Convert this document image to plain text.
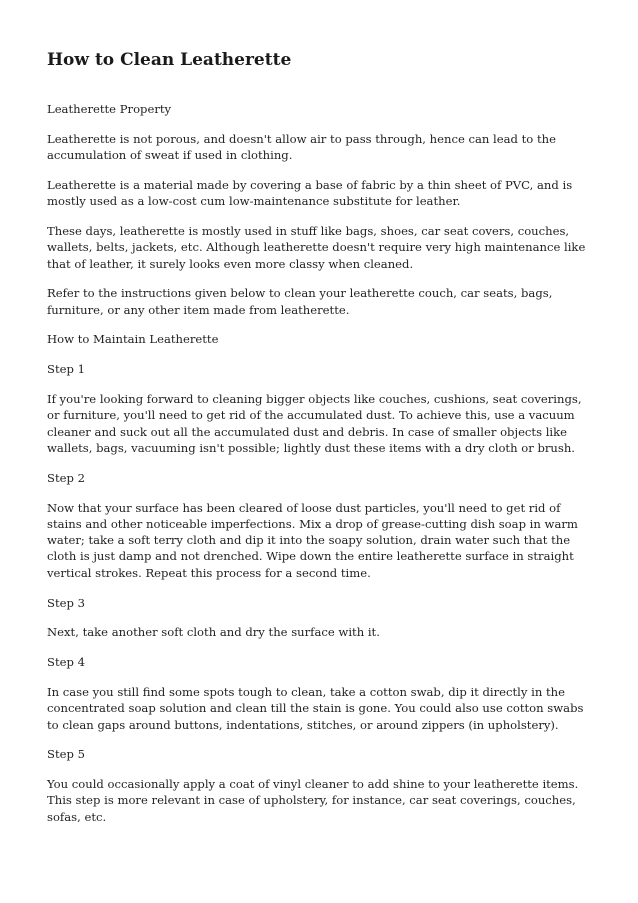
How to Clean Leatherette

Leatherette Property

Leatherette is not porous, and doesn't allow air to pass through, hence can lead to the accumulation of sweat if used in clothing.

Leatherette is a material made by covering a base of fabric by a thin sheet of PVC, and is mostly used as a low-cost cum low-maintenance substitute for leather.

These days, leatherette is mostly used in stuff like bags, shoes, car seat covers, couches, wallets, belts, jackets, etc. Although leatherette doesn't require very high maintenance like that of leather, it surely looks even more classy when cleaned.

Refer to the instructions given below to clean your leatherette couch, car seats, bags, furniture, or any other item made from leatherette.

How to Maintain Leatherette

Step 1

If you're looking forward to cleaning bigger objects like couches, cushions, seat coverings, or furniture, you'll need to get rid of the accumulated dust. To achieve this, use a vacuum cleaner and suck out all the accumulated dust and debris. In case of smaller objects like wallets, bags, vacuuming isn't possible; lightly dust these items with a dry cloth or brush.

Step 2

Now that your surface has been cleared of loose dust particles, you'll need to get rid of stains and other noticeable imperfections. Mix a drop of grease-cutting dish soap in warm water; take a soft terry cloth and dip it into the soapy solution, drain water such that the cloth is just damp and not drenched. Wipe down the entire leatherette surface in straight vertical strokes. Repeat this process for a second time.

Step 3

Next, take another soft cloth and dry the surface with it.

Step 4

In case you still find some spots tough to clean, take a cotton swab, dip it directly in the concentrated soap solution and clean till the stain is gone. You could also use cotton swabs to clean gaps around buttons, indentations, stitches, or around zippers (in upholstery).

Step 5

You could occasionally apply a coat of vinyl cleaner to add shine to your leatherette items. This step is more relevant in case of upholstery, for instance, car seat coverings, couches, sofas, etc.
